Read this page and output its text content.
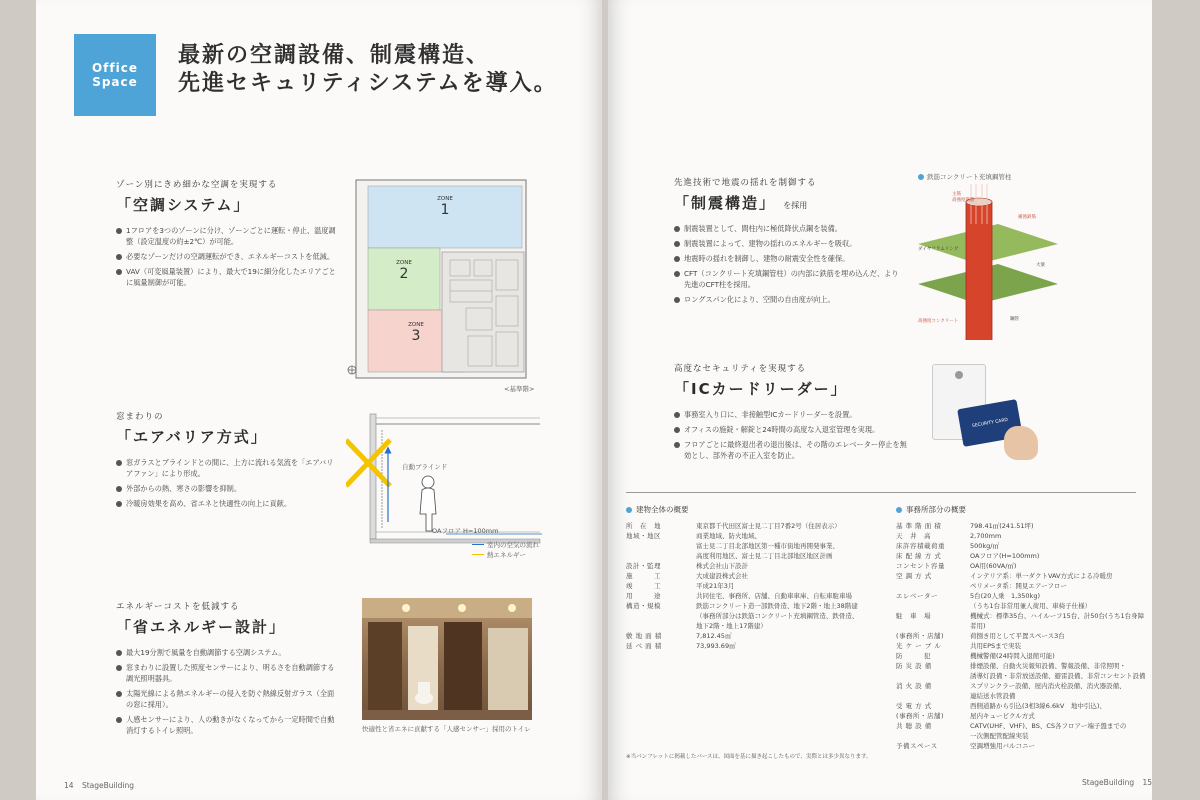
Office
Space
最新の空調設備、制震構造、
先進セキュリティシステムを導入。
ゾーン別にきめ細かな空調を実現する
「空調システム」
1フロアを3つのゾーンに分け、ゾーンごとに運転・停止、温度調整（設定温度の約±2℃）が可能。
必要なゾーンだけの空調運転ができ、エネルギーコストを低減。
VAV（可変風量装置）により、最大で19に細分化したエリアごとに風量制御が可能。
ZONE
1
ZONE
2
ZONE
3
<基準階>
窓まわりの
「エアバリア方式」
窓ガラスとブラインドとの間に、上方に流れる気流を「エアバリアファン」により形成。
外部からの熱、寒さの影響を抑制。
冷暖房効果を高め、省エネと快適性の向上に貢献。
自動ブラインド
OAフロア H=100mm
室内の空気の流れ
熱エネルギー
エネルギーコストを低減する
「省エネルギー設計」
最大19分割で風量を自動調節する空調システム。
窓まわりに設置した照度センサーにより、明るさを自動調節する調光照明器具。
太陽光線による熱エネルギーの侵入を防ぐ熱線反射ガラス（全面の窓に採用）。
人感センサーにより、人の動きがなくなってから一定時間で自動消灯するトイレ照明。	快適性と省エネに貢献する「人感センサー」採用のトイレ
14 StageBuilding
先進技術で地震の揺れを制御する
「制震構造」 を採用
制震装置として、間柱内に極低降伏点鋼を装備。
制震装置によって、建物の揺れのエネルギーを吸収。
地震時の揺れを制御し、建物の耐震安全性を確保。
CFT（コンクリート充填鋼管柱）の内部に鉄筋を埋め込んだ、より先進のCFT柱を採用。
ロングスパン化により、空間の自由度が向上。
鉄筋コンクリート充填鋼管柱
主筋
高強度鉄筋
補強鉄筋
ダイヤフラムリング
大梁
高強度コンクリート	鋼管
高度なセキュリティを実現する
「ICカードリーダー」
事務室入り口に、非接触型ICカードリーダーを設置。
オフィスの施錠・解錠と24時間の高度な入退室管理を実現。
フロアごとに最終退出者の退出後は、その階のエレベーター停止を無効とし、部外者の不正入室を防止。
SECURITY CARD
建物全体の概要
所　在　地	東京都千代田区富士見二丁目7番2号（住居表示）
地域・地区	商業地域、防火地域、
富士見二丁目北部地区第一種市街地再開発事業、
高度利用地区、富士見二丁目北部地区地区計画
設計・監理	株式会社山下設計
施　　　工	大成建設株式会社
竣　　　工	平成21年3月
用　　　途	共同住宅、事務所、店舗、自動車車庫、自転車駐車場
構造・規模	鉄筋コンクリート造一部鉄骨造、地下2階・地上38階建
（事務所部分は鉄筋コンクリート充填鋼管造、鉄骨造、
地下2階・地上17階建）
敷 地 面 積	7,812.45㎡
延 べ 面 積	73,993.69㎡
※当パンフレットに掲載したパースは、図面を基に描き起こしたもので、実際とは多少異なります。
事務所部分の概要
基 準 階 面 積	798.41㎡(241.51坪)
天　井　高	2,700mm
床許容積載荷重	500kg/㎡
床 配 線 方 式	OAフロア(H=100mm)
コンセント容量	OA用(60VA/㎡)
空 調 方 式	インテリア系：単一ダクトVAV方式による冷暖房
ペリメータ系：開見エアーフロー
エレベーター	5台(20人乗　1,350kg)
（うち1台非常用兼人荷用、車椅子仕様）
駐　車　場	機械式：標準35台、ハイルーフ15台、計50台(うち1台身障者用)
(事務所・店舗)	荷捌き用として平置スペース3台
光 ケ ー ブ ル	共用EPSまで実装
防　　　犯	機械警備(24時間入退館可能)
防 災 設 備	排煙設備、自動火災報知設備、警報設備、非常照明・
誘導灯設備・非常放送設備、避雷設備、非常コンセント設備
消 火 設 備	スプリンクラー設備、屋内消火栓設備、消火器設備、
連結送水管設備
受 電 方 式	西側道路から引込(3相3線6.6kV　地中引込)、
(事務所・店舗)	屋内キュービクル方式
共 聴 設 備	CATV(UHF、VHF)、BS、CS各フロアー端子盤までの
一次側配管配線実装
予備スペース	空調増強用バルコニー
StageBuilding 15
